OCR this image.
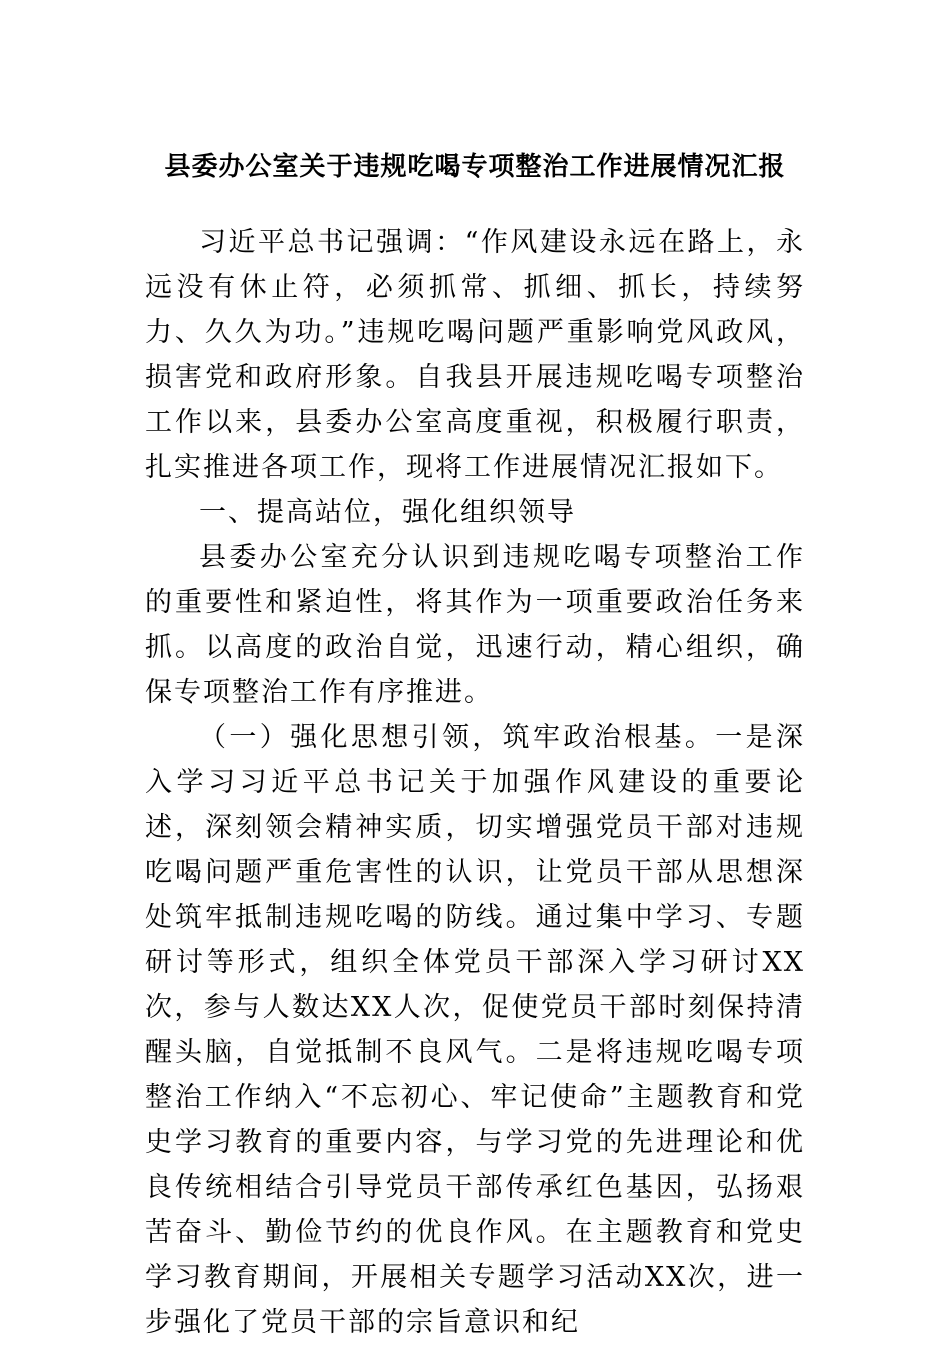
县委办公室关于违规吃喝专项整治工作进展情况汇报

习近平总书记强调：“作风建设永远在路上，永远没有休止符，必须抓常、抓细、抓长，持续努力、久久为功。”违规吃喝问题严重影响党风政风，损害党和政府形象。自我县开展违规吃喝专项整治工作以来，县委办公室高度重视，积极履行职责，扎实推进各项工作，现将工作进展情况汇报如下。

一、提高站位，强化组织领导

县委办公室充分认识到违规吃喝专项整治工作的重要性和紧迫性，将其作为一项重要政治任务来抓。以高度的政治自觉，迅速行动，精心组织，确保专项整治工作有序推进。

（一）强化思想引领，筑牢政治根基。一是深入学习习近平总书记关于加强作风建设的重要论述，深刻领会精神实质，切实增强党员干部对违规吃喝问题严重危害性的认识，让党员干部从思想深处筑牢抵制违规吃喝的防线。通过集中学习、专题研讨等形式，组织全体党员干部深入学习研讨XX次，参与人数达XX人次，促使党员干部时刻保持清醒头脑，自觉抵制不良风气。二是将违规吃喝专项整治工作纳入“不忘初心、牢记使命”主题教育和党史学习教育的重要内容，与学习党的先进理论和优良传统相结合引导党员干部传承红色基因，弘扬艰苦奋斗、勤俭节约的优良作风。在主题教育和党史学习教育期间，开展相关专题学习活动XX次，进一步强化了党员干部的宗旨意识和纪
